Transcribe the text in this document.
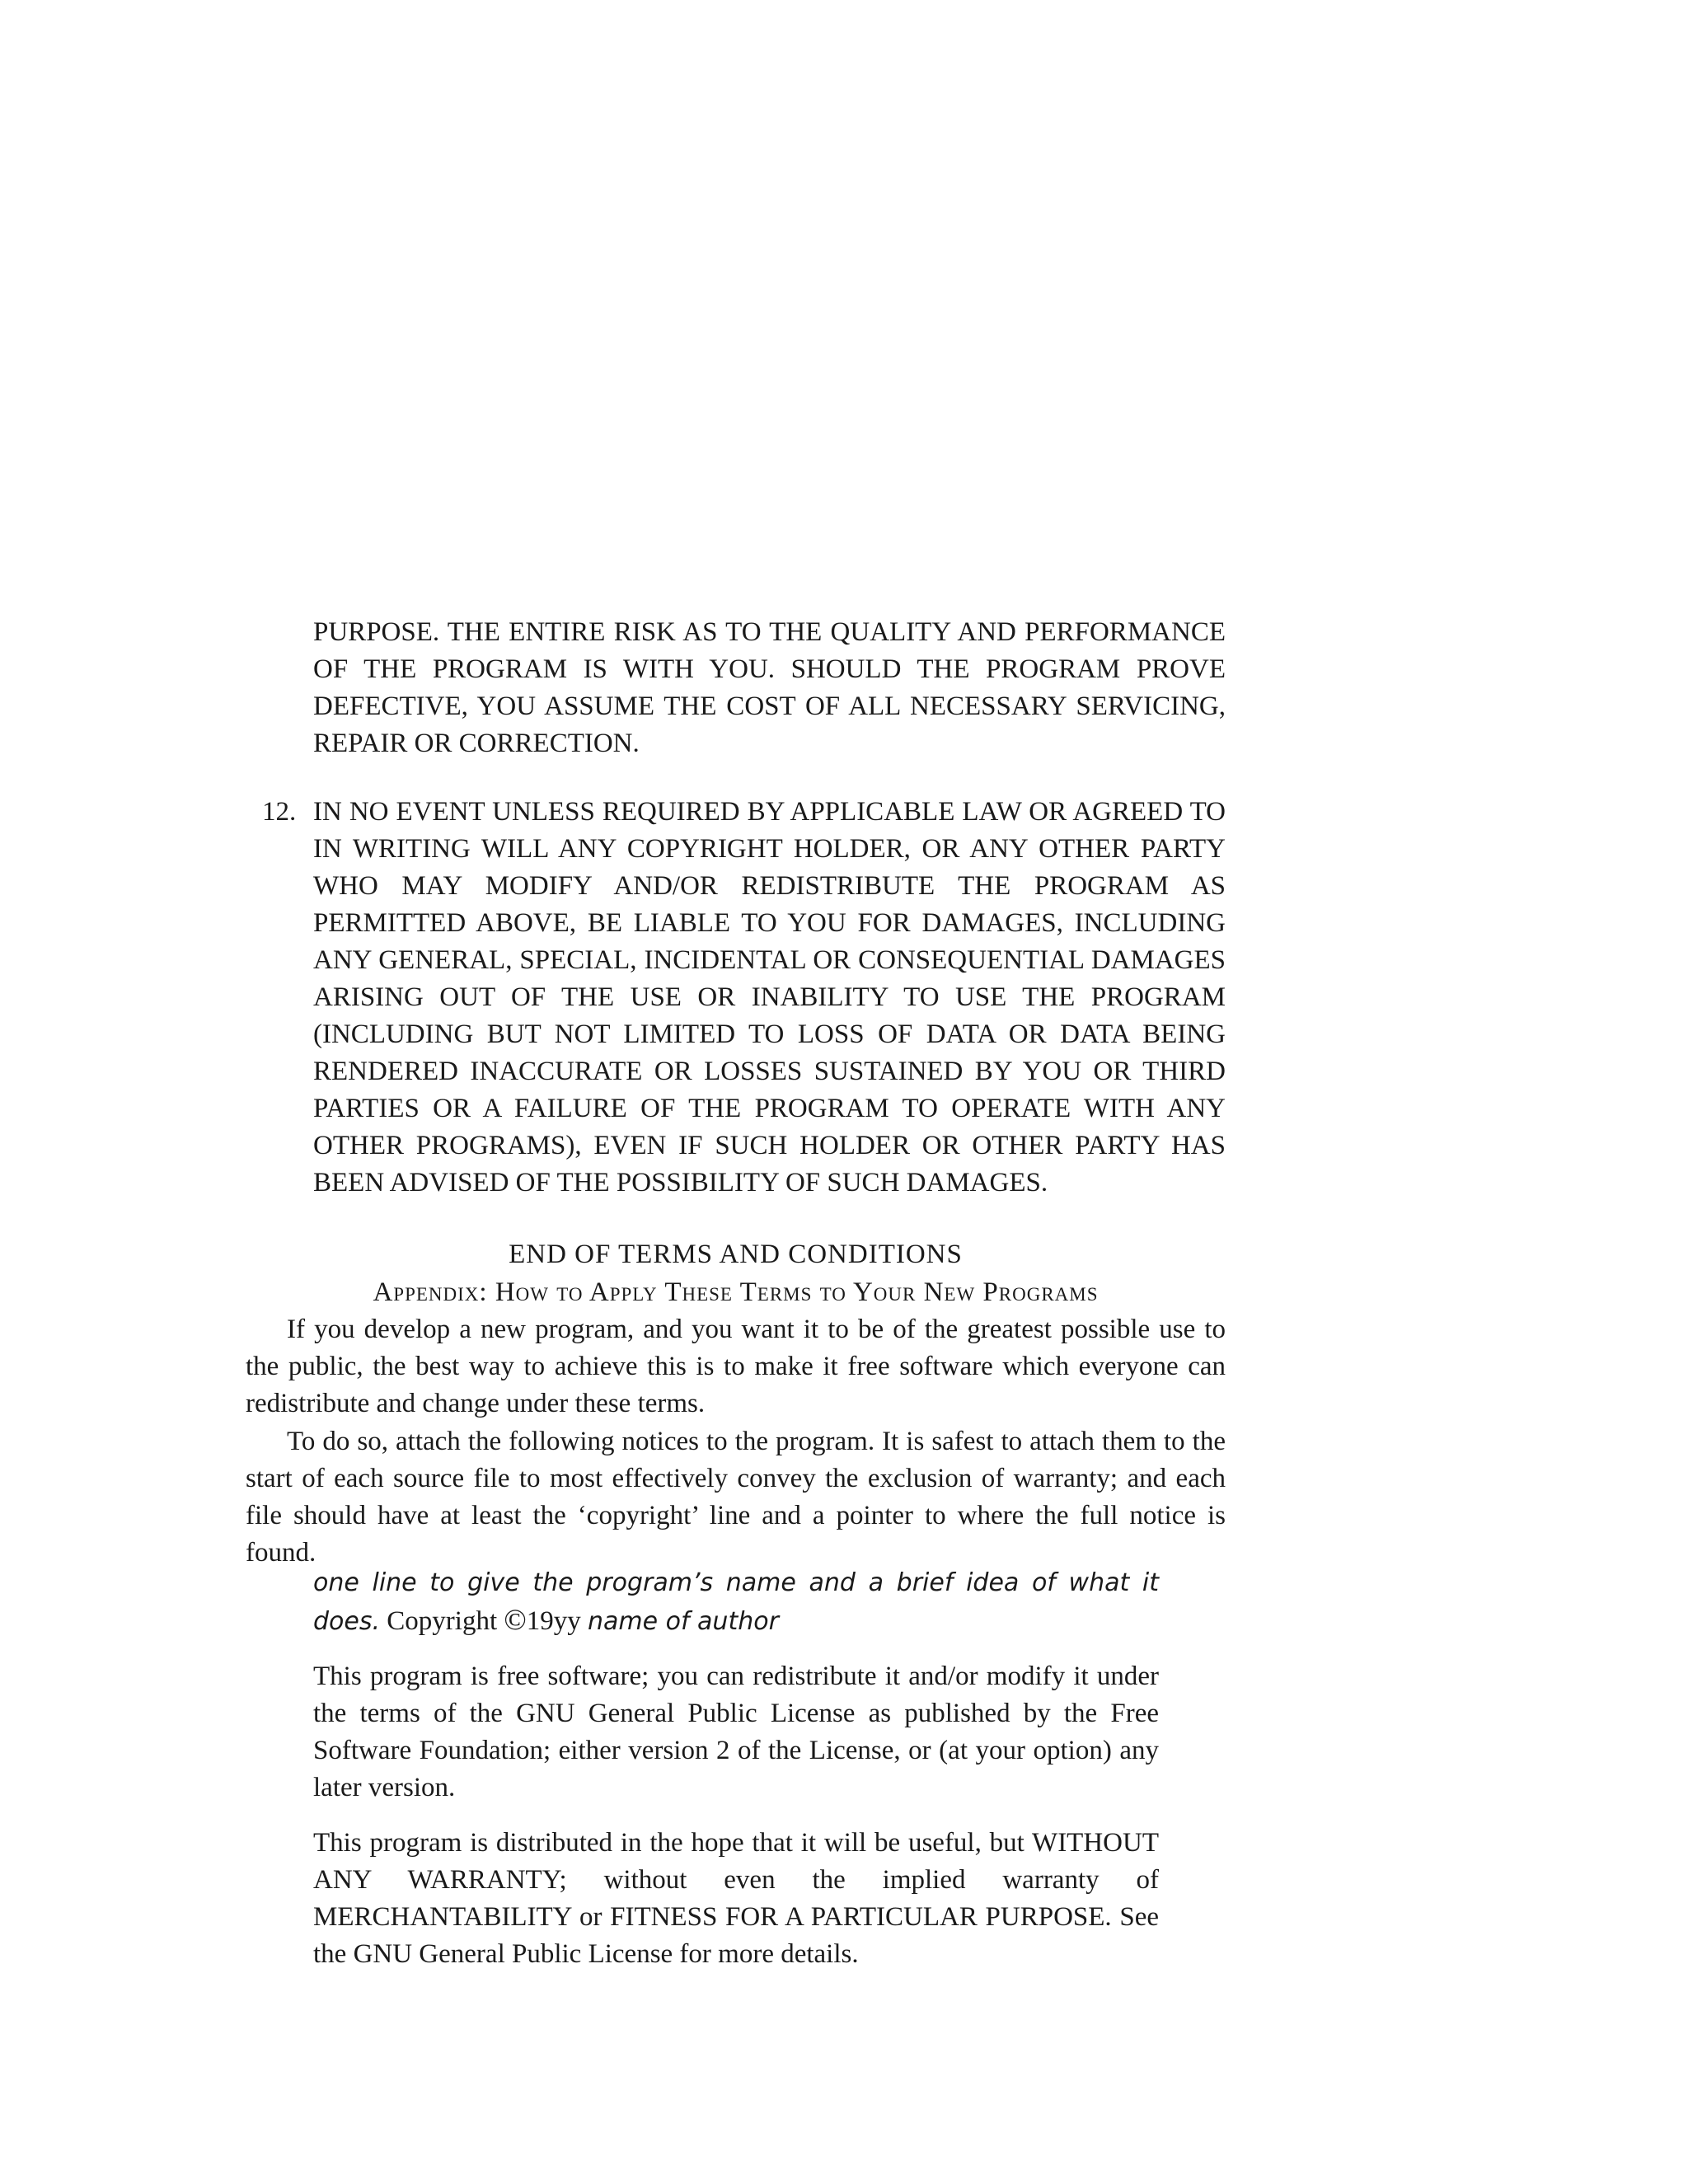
PURPOSE. THE ENTIRE RISK AS TO THE QUALITY AND PERFORMANCE OF THE PROGRAM IS WITH YOU. SHOULD THE PROGRAM PROVE DEFECTIVE, YOU ASSUME THE COST OF ALL NECESSARY SERVICING, REPAIR OR CORRECTION.
12. IN NO EVENT UNLESS REQUIRED BY APPLICABLE LAW OR AGREED TO IN WRITING WILL ANY COPYRIGHT HOLDER, OR ANY OTHER PARTY WHO MAY MODIFY AND/OR REDISTRIBUTE THE PROGRAM AS PERMITTED ABOVE, BE LIABLE TO YOU FOR DAMAGES, INCLUDING ANY GENERAL, SPECIAL, INCIDENTAL OR CONSEQUENTIAL DAMAGES ARISING OUT OF THE USE OR INABILITY TO USE THE PROGRAM (INCLUDING BUT NOT LIMITED TO LOSS OF DATA OR DATA BEING RENDERED INACCURATE OR LOSSES SUSTAINED BY YOU OR THIRD PARTIES OR A FAILURE OF THE PROGRAM TO OPERATE WITH ANY OTHER PROGRAMS), EVEN IF SUCH HOLDER OR OTHER PARTY HAS BEEN ADVISED OF THE POSSIBILITY OF SUCH DAMAGES.
END OF TERMS AND CONDITIONS
Appendix: How to Apply These Terms to Your New Programs
If you develop a new program, and you want it to be of the greatest possible use to the public, the best way to achieve this is to make it free software which everyone can redistribute and change under these terms.
To do so, attach the following notices to the program. It is safest to attach them to the start of each source file to most effectively convey the exclusion of warranty; and each file should have at least the ‘copyright’ line and a pointer to where the full notice is found.
one line to give the program’s name and a brief idea of what it does. Copyright ©19yy name of author
This program is free software; you can redistribute it and/or modify it under the terms of the GNU General Public License as published by the Free Software Foundation; either version 2 of the License, or (at your option) any later version.
This program is distributed in the hope that it will be useful, but WITHOUT ANY WARRANTY; without even the implied warranty of MERCHANTABILITY or FITNESS FOR A PARTICULAR PURPOSE. See the GNU General Public License for more details.
